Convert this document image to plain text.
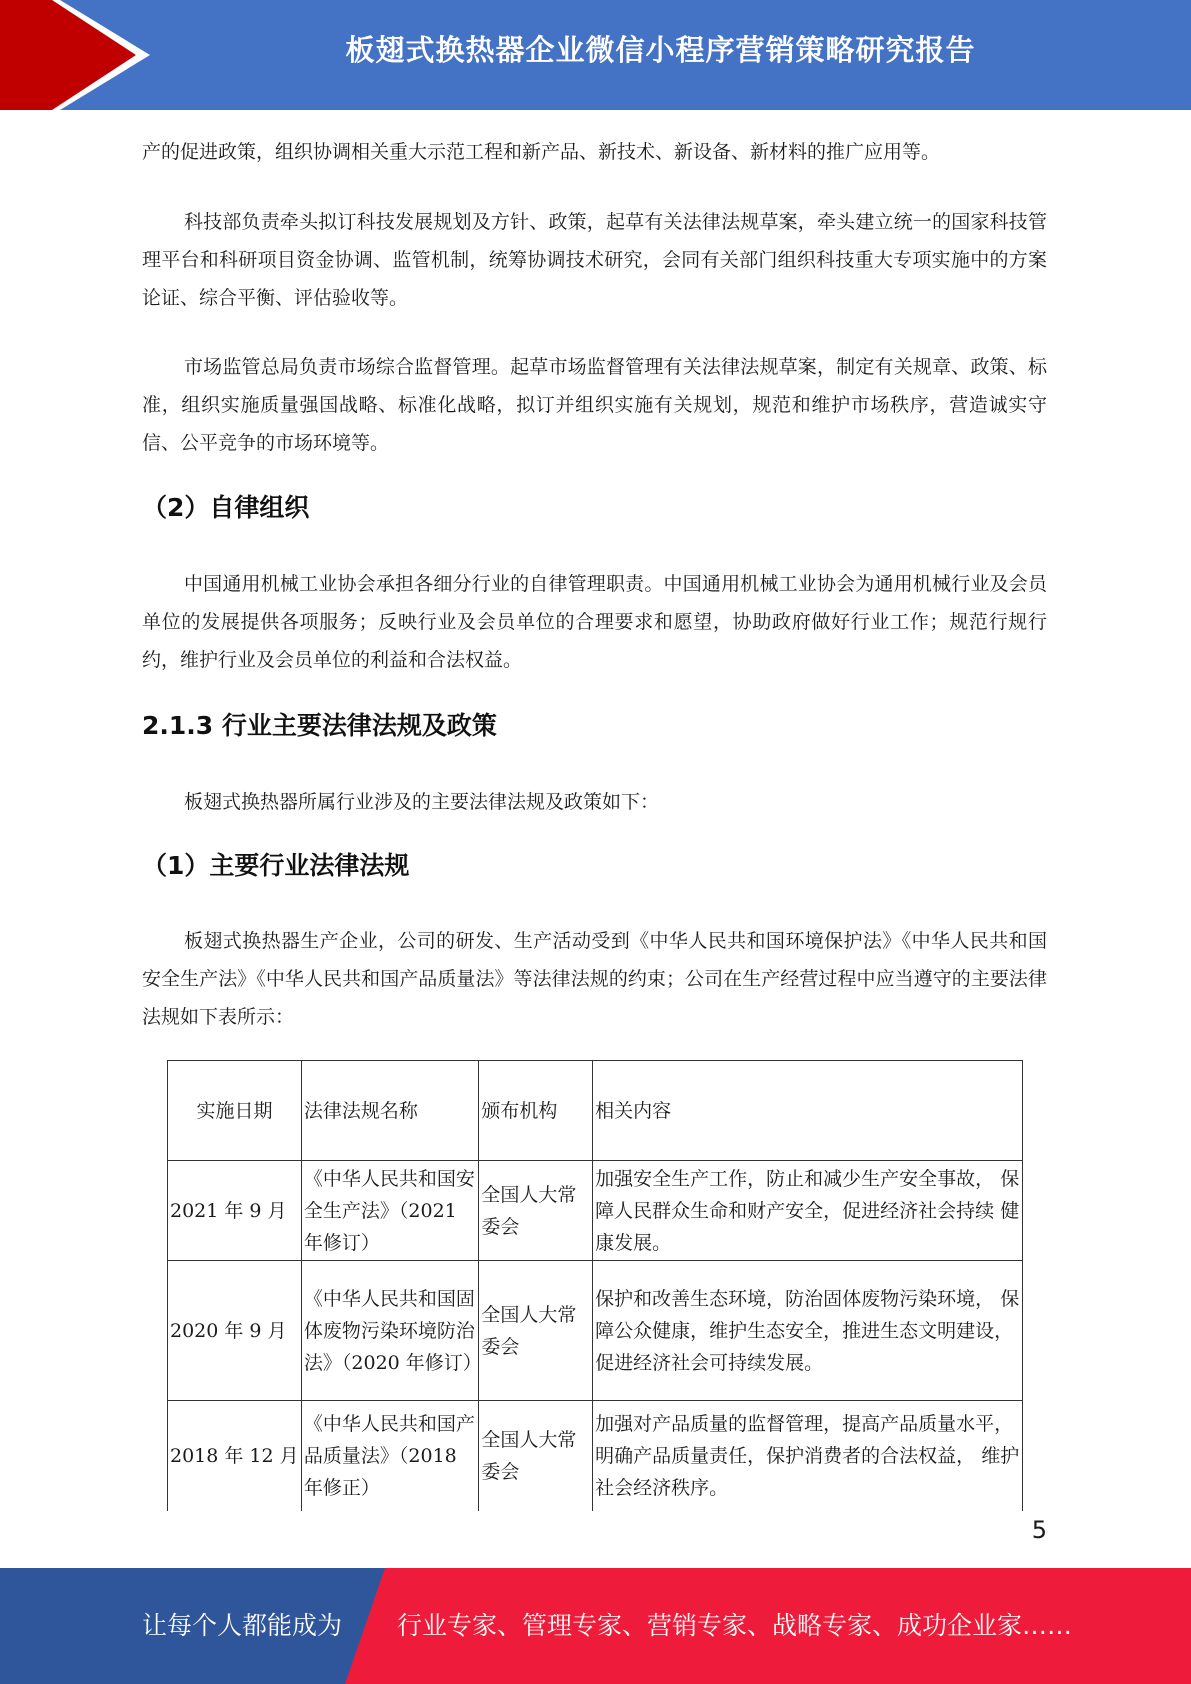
板翅式换热器企业微信小程序营销策略研究报告

产的促进政策，组织协调相关重大示范工程和新产品、新技术、新设备、新材料的推广应用等。

科技部负责牵头拟订科技发展规划及方针、政策，起草有关法律法规草案，牵头建立统一的国家科技管理平台和科研项目资金协调、监管机制，统筹协调技术研究，会同有关部门组织科技重大专项实施中的方案论证、综合平衡、评估验收等。

市场监管总局负责市场综合监督管理。起草市场监督管理有关法律法规草案，制定有关规章、政策、标准，组织实施质量强国战略、标准化战略，拟订并组织实施有关规划，规范和维护市场秩序，营造诚实守信、公平竞争的市场环境等。

（2）自律组织

中国通用机械工业协会承担各细分行业的自律管理职责。中国通用机械工业协会为通用机械行业及会员单位的发展提供各项服务；反映行业及会员单位的合理要求和愿望，协助政府做好行业工作；规范行规行约，维护行业及会员单位的利益和合法权益。

2.1.3 行业主要法律法规及政策

板翅式换热器所属行业涉及的主要法律法规及政策如下：

（1）主要行业法律法规

板翅式换热器生产企业，公司的研发、生产活动受到《中华人民共和国环境保护法》《中华人民共和国安全生产法》《中华人民共和国产品质量法》等法律法规的约束；公司在生产经营过程中应当遵守的主要法律法规如下表所示：

实施日期	法律法规名称	颁布机构	相关内容
2021 年 9 月	《中华人民共和国安全生产法》（2021 年修订）	全国人大常委会	加强安全生产工作，防止和减少生产安全事故， 保障人民群众生命和财产安全，促进经济社会持续 健康发展。
2020 年 9 月	《中华人民共和国固体废物污染环境防治法》（2020 年修订）	全国人大常委会	保护和改善生态环境，防治固体废物污染环境， 保障公众健康，维护生态安全，推进生态文明建设， 促进经济社会可持续发展。
2018 年 12 月	《中华人民共和国产品质量法》（2018 年修正）	全国人大常委会	加强对产品质量的监督管理，提高产品质量水平，明确产品质量责任，保护消费者的合法权益， 维护社会经济秩序。
5
让每个人都能成为 行业专家、管理专家、营销专家、战略专家、成功企业家……
